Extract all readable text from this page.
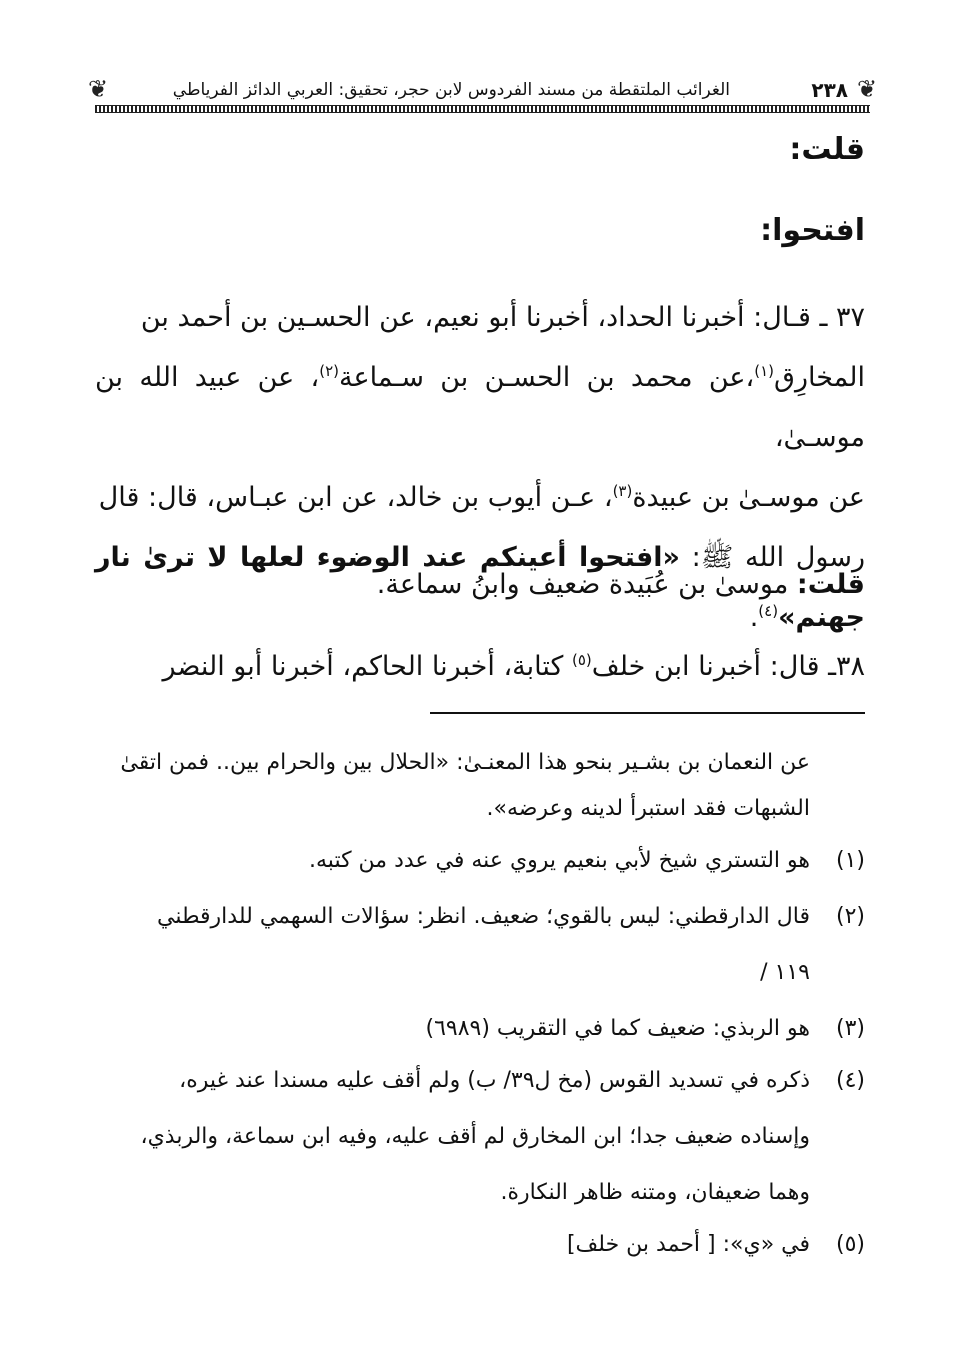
❦
٢٣٨
الغرائب الملتقطة من مسند الفردوس لابن حجر، تحقيق: العربي الدائز الفرياطي
❦
قلت:
افتحوا:
٣٧ ـ قـال: أخبرنا الحداد، أخبرنا أبو نعيم، عن الحسـين بن أحمد بن
المخارِق$^{(١)}$،عن محمد بن الحسـن بن سـماعة$^{(٢)}$، عن عبيد الله بن موسـىٰ،
عن موسـىٰ بن عبيدة$^{(٣)}$، عـن أيوب بن خالد، عن ابن عبـاس، قال: قال
رسول الله ﷺ: «افتحوا أعينكم عند الوضوء لعلها لا ترىٰ نار جهنم»$^{(٤)}$.
قلت: موسىٰ بن عُبَيدة ضعيف وابنُ سماعة.
٣٨ـ قال: أخبرنا ابن خلف$^{(٥)}$ كتابة، أخبرنا الحاكم، أخبرنا أبو النضر
عن النعمان بن بشـير بنحو هذا المعنـىٰ: «الحلال بين والحرام بين.. فمن اتقىٰ
الشبهات فقد استبرأ لدينه وعرضه».
(١)
هو التستري شيخ لأبي بنعيم يروي عنه في عدد من كتبه.
(٢)
قال الدارقطني: ليس بالقوي؛ ضعيف. انظر: سؤالات السهمي للدارقطني
١١٩ /
(٣)
هو الربذي: ضعيف كما في التقريب (٦٩٨٩)
(٤)
ذكره في تسديد القوس (مخ ل٣٩/ ب) ولم أقف عليه مسندا عند غيره،
وإسناده ضعيف جدا؛ ابن المخارق لم أقف عليه، وفيه ابن سماعة، والربذي،
وهما ضعيفان، ومتنه ظاهر النكارة.
(٥)
في «ي»: [ أحمد بن خلف]
